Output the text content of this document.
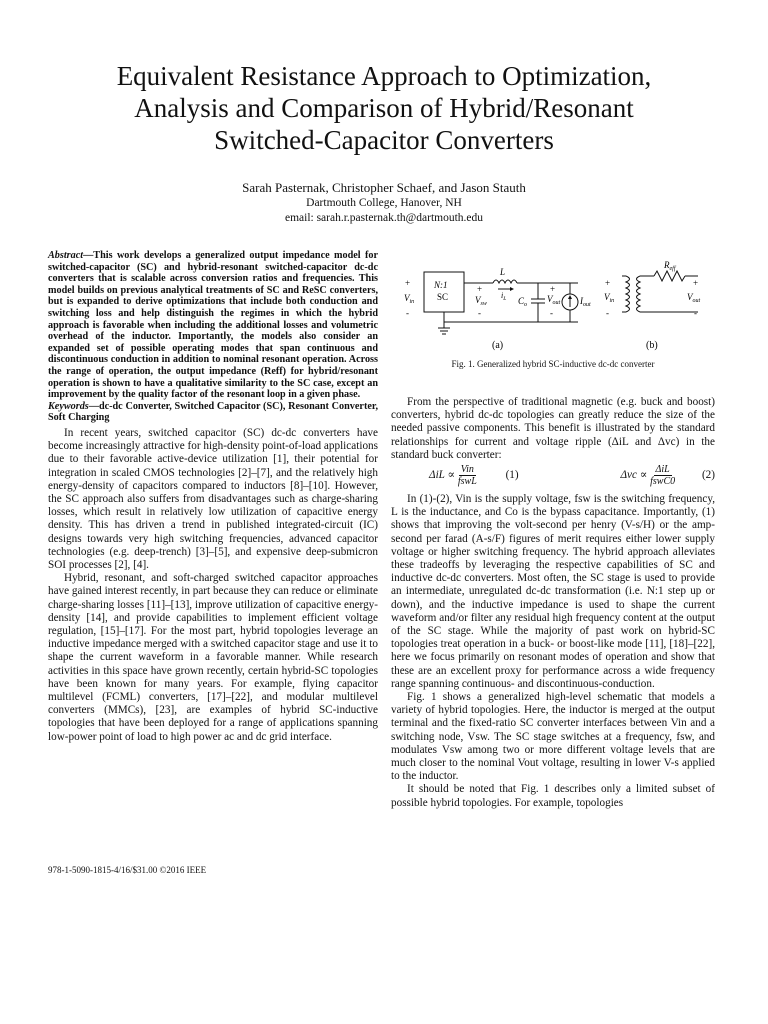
Equivalent Resistance Approach to Optimization,
Analysis and Comparison of Hybrid/Resonant
Switched-Capacitor Converters
Sarah Pasternak, Christopher Schaef, and Jason Stauth
Dartmouth College, Hanover, NH
email: sarah.r.pasternak.th@dartmouth.edu
Abstract—This work develops a generalized output impedance model for switched-capacitor (SC) and hybrid-resonant switched-capacitor dc-dc converters that is scalable across conversion ratios and frequencies. This model builds on previous analytical treatments of SC and ReSC converters, but is expanded to derive optimizations that include both conduction and switching loss and help distinguish the regimes in which the hybrid approach is favorable when including the additional losses and volumetric overhead of the inductor. Importantly, the models also consider an expanded set of possible operating modes that span continuous and discontinuous conduction in addition to nominal resonant operation. Across the range of operation, the output impedance (Reff) for hybrid/resonant operation is shown to have a qualitative similarity to the SC case, except an improvement by the quality factor of the resonant loop in a given phase.
Keywords—dc-dc Converter, Switched Capacitor (SC), Resonant Converter, Soft Charging

In recent years, switched capacitor (SC) dc-dc converters have become increasingly attractive for high-density point-of-load applications due to their favorable active-device utilization [1], their potential for integration in scaled CMOS technologies [2]–[7], and the relatively high energy-density of capacitors compared to inductors [8]–[10]. However, the SC approach also suffers from disadvantages such as charge-sharing losses, which result in relatively low utilization of capacitive energy density. This has driven a trend in published integrated-circuit (IC) designs towards very high switching frequencies, advanced capacitor technologies (e.g. deep-trench) [3]–[5], and expensive deep-submicron SOI processes [2], [4].

Hybrid, resonant, and soft-charged switched capacitor approaches have gained interest recently, in part because they can reduce or eliminate charge-sharing losses [11]–[13], improve utilization of capacitive energy-density [14], and provide capabilities to implement efficient voltage regulation, [15]–[17]. For the most part, hybrid topologies leverage an inductive impedance merged with a switched capacitor stage and use it to shape the current waveform in a favorable manner. While research activities in this space have grown recently, certain hybrid-SC topologies have been known for many years. For example, flying capacitor multilevel (FCML) converters, [17]–[22], and modular multilevel converters (MMCs), [23], are examples of hybrid SC-inductive topologies that have been deployed for a range of applications spanning low-power point of load to high power ac and dc grid interface.

978-1-5090-1815-4/16/$31.00 ©2016 IEEE
N:1
SC
+
$V_{in}$
-
+
$V_{sw}$
-
L
$i_L$ $C_o$
+
$V_{out}$
-
$I_{out}$
$R_{eff}$
+
$V_{in}$
-
+
$V_{out}$
-
(a)	(b)
Fig. 1. Generalized hybrid SC-inductive dc-dc converter

From the perspective of traditional magnetic (e.g. buck and boost) converters, hybrid dc-dc topologies can greatly reduce the size of the needed passive components. This benefit is illustrated by the standard relationships for current and voltage ripple (ΔiL and Δvc) in the standard buck converter:

$\Delta iL \propto \frac{\text{Vin}}{\text{fswL}}$	(1)	$\Delta vc \propto \frac{\text{ΔiL}}{\text{fswC0}} (2)$

In (1)-(2), Vin is the supply voltage, fsw is the switching frequency, L is the inductance, and Co is the bypass capacitance. Importantly, (1) shows that improving the volt-second per henry (V-s/H) or the amp-second per farad (A-s/F) figures of merit requires either lower supply voltage or higher switching frequency. The hybrid approach alleviates these tradeoffs by leveraging the respective capabilities of SC and inductive dc-dc converters. Most often, the SC stage is used to provide an intermediate, unregulated dc-dc transformation (i.e. N:1 step up or down), and the inductive impedance is used to shape the current waveform and/or filter any residual high frequency content at the output of the SC stage. While the majority of past work on hybrid-SC topologies treat operation in a buck- or boost-like mode [11], [18]–[22], here we focus primarily on resonant modes of operation and show that these are an excellent proxy for performance across a wide frequency range spanning continuous- and discontinuous-conduction.

Fig. 1 shows a generalized high-level schematic that models a variety of hybrid topologies. Here, the inductor is merged at the output terminal and the fixed-ratio SC converter interfaces between Vin and a switching node, Vsw. The SC stage switches at a frequency, fsw, and modulates Vsw among two or more different voltage levels that are much closer to the nominal Vout voltage, resulting in lower V-s applied to the inductor.

It should be noted that Fig. 1 describes only a limited subset of possible hybrid topologies. For example, topologies
